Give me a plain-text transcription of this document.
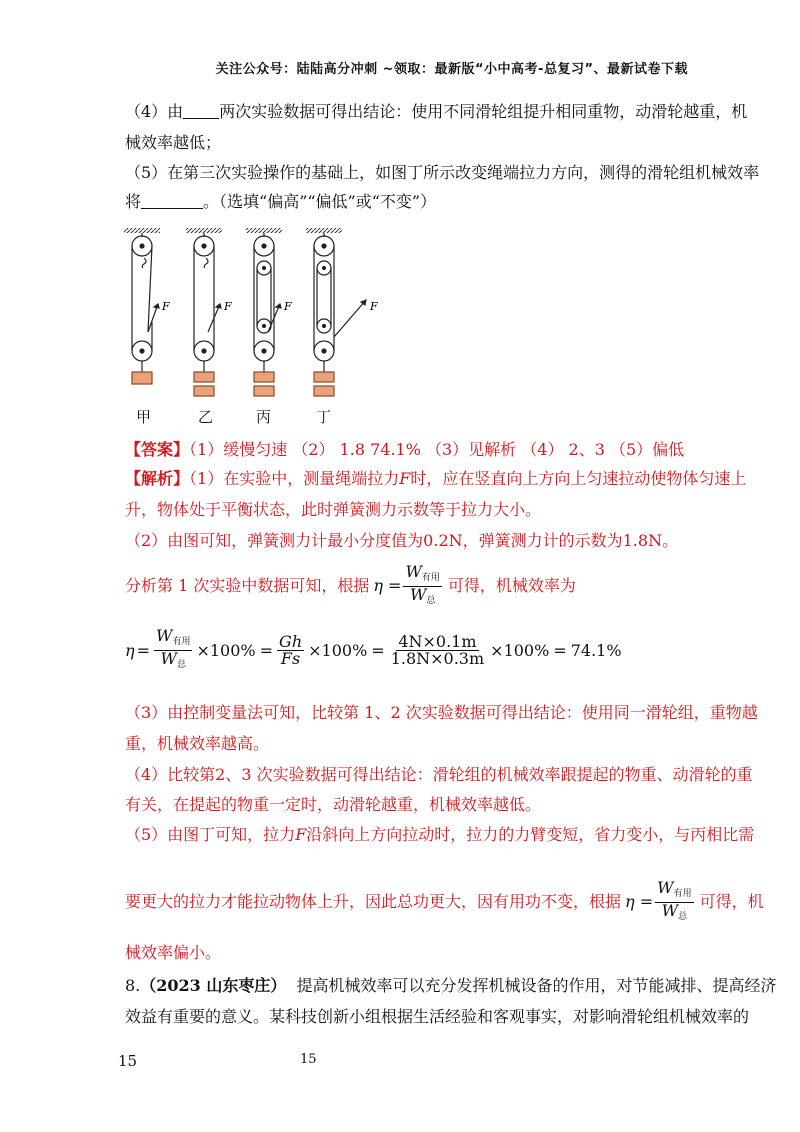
关注公众号：陆陆高分冲刺 ~领取：最新版“小中高考-总复习”、最新试卷下载
（4）由 两次实验数据可得出结论：使用不同滑轮组提升相同重物，动滑轮越重，机
械效率越低；
（5）在第三次实验操作的基础上，如图丁所示改变绳端拉力方向，测得的滑轮组机械效率
将	。（选填“偏高”“偏低”或“不变”）
F	F	F	F
甲	乙	丙	丁
【答案】（1）缓慢匀速 （2） 1.8 74.1% （3）见解析 （4） 2、3 （5）偏低
【解析】（1）在实验中，测量绳端拉力F时，应在竖直向上方向上匀速拉动使物体匀速上
升，物体处于平衡状态，此时弹簧测力示数等于拉力大小。
（2）由图可知，弹簧测力计最小分度值为0.2N，弹簧测力计的示数为1.8N。
分析第 1 次实验中数据可知，根据 $\eta = \frac{W_{有用}}{W_总}$ 可得，机械效率为
$\eta = \frac{W_{有用}}{W_总} \times 100\% = \frac{Gh}{Fs} \times 100\% = \frac{4N\times 0.1m}{1.8N\times 0.3m} \times 100\% = 74.1\%$
（3）由控制变量法可知，比较第 1、2 次实验数据可得出结论：使用同一滑轮组，重物越
重，机械效率越高。
（4）比较第2、3 次实验数据可得出结论：滑轮组的机械效率跟提起的物重、动滑轮的重
有关，在提起的物重一定时，动滑轮越重，机械效率越低。
（5）由图丁可知，拉力F沿斜向上方向拉动时，拉力的力臂变短，省力变小，与丙相比需
要更大的拉力才能拉动物体上升，因此总功更大，因有用功不变，根据 $\eta = \frac{W_{有用}}{W_总}$ 可得，机
械效率偏小。
8.（2023 山东枣庄） 提高机械效率可以充分发挥机械设备的作用，对节能减排、提高经济
效益有重要的意义。某科技创新小组根据生活经验和客观事实，对影响滑轮组机械效率的
15	15
